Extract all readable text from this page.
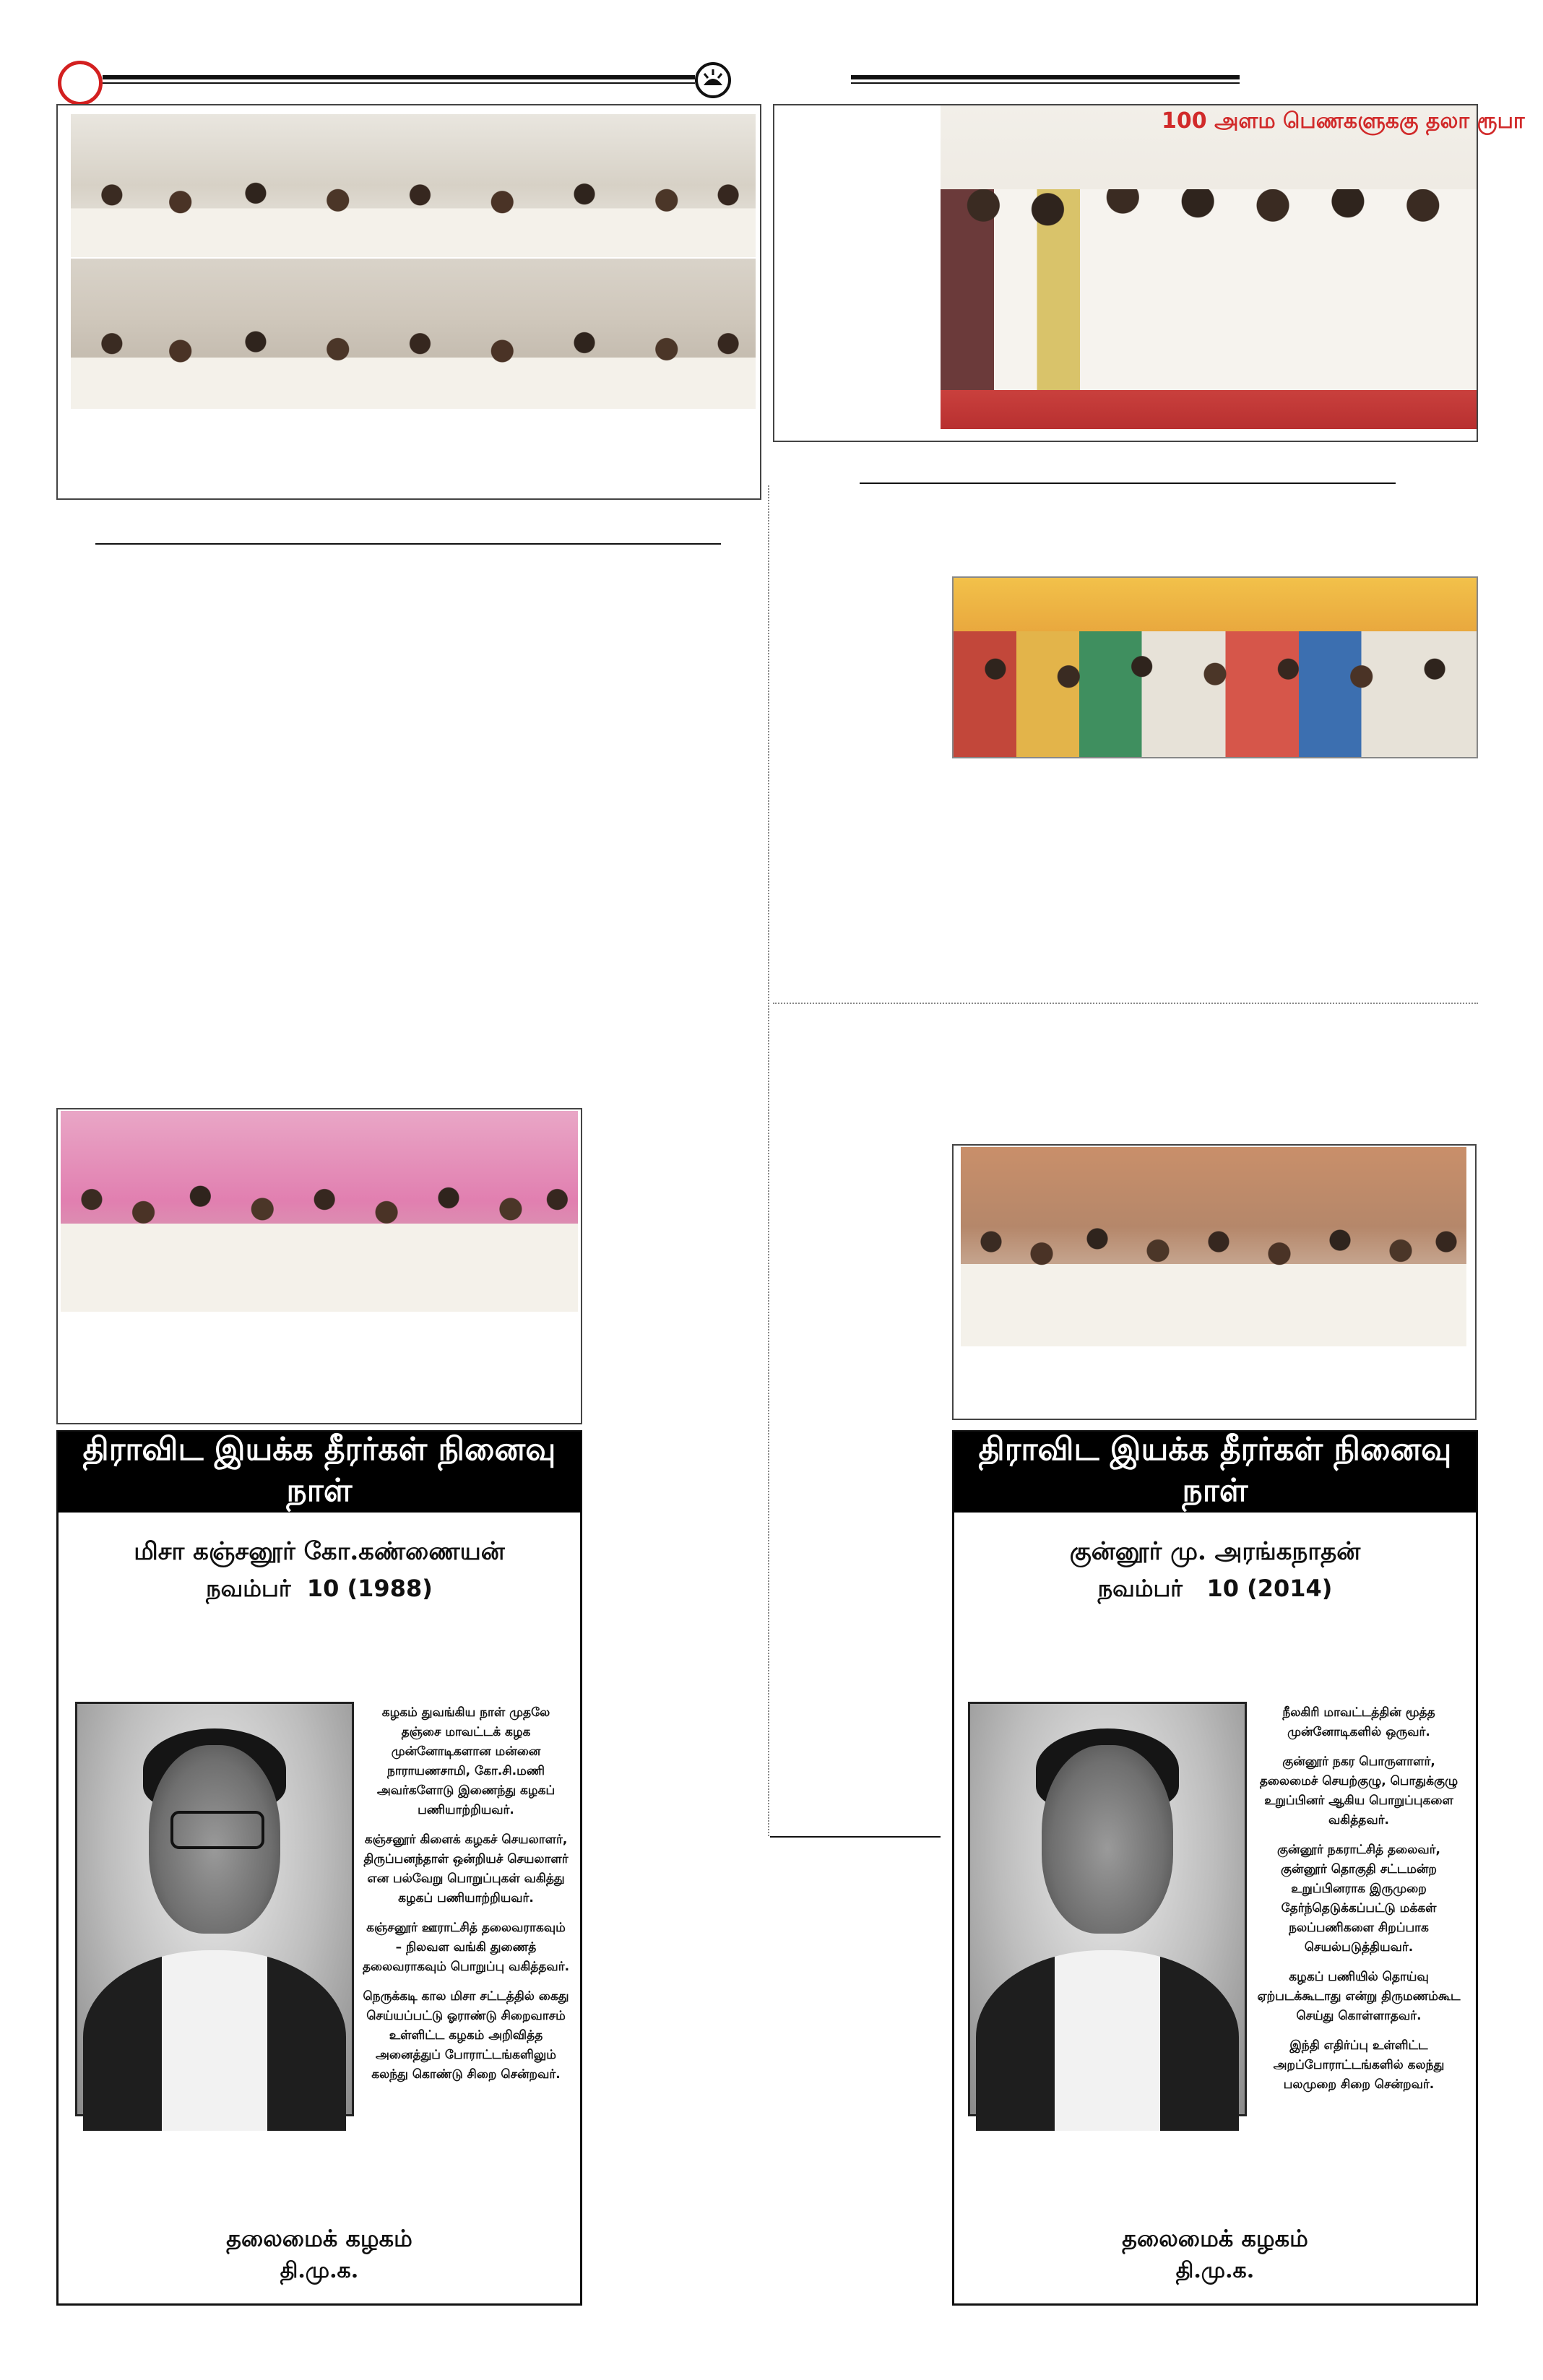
100 அளம பெணகளுககு தலா ரூபா
திராவிட இயக்க தீரர்கள் நினைவு நாள்
மிசா கஞ்சனூர் கோ.கண்ணையன்
நவம்பர்  10 (1988)

கழகம் துவங்கிய நாள் முதலே தஞ்சை மாவட்டக் கழக முன்னோடிகளான மன்னை நாராயணசாமி, கோ.சி.மணி அவர்களோடு இணைந்து கழகப் பணியாற்றியவர்.

கஞ்சனூர் கிளைக் கழகச் செயலாளர், திருப்பனந்தாள் ஒன்றியச் செயலாளர் என பல்வேறு பொறுப்புகள் வகித்து கழகப் பணியாற்றியவர்.

கஞ்சனூர் ஊராட்சித் தலைவராகவும் – நிலவள வங்கி துணைத் தலைவராகவும் பொறுப்பு வகித்தவர்.

நெருக்கடி கால மிசா சட்டத்தில் கைது செய்யப்பட்டு ஓராண்டு சிறைவாசம் உள்ளிட்ட கழகம் அறிவித்த அனைத்துப் போராட்டங்களிலும் கலந்து கொண்டு சிறை சென்றவர்.

தலைமைக் கழகம்
தி.மு.க.
திராவிட இயக்க தீரர்கள் நினைவு நாள்
குன்னூர் மு. அரங்கநாதன்
நவம்பர்   10 (2014)

நீலகிரி மாவட்டத்தின் மூத்த முன்னோடிகளில் ஒருவர்.

குன்னூர் நகர பொருளாளர், தலைமைச் செயற்குழு, பொதுக்குழு உறுப்பினர் ஆகிய பொறுப்புகளை வகித்தவர்.

குன்னூர் நகராட்சித் தலைவர், குன்னூர் தொகுதி சட்டமன்ற உறுப்பினராக இருமுறை தேர்ந்தெடுக்கப்பட்டு மக்கள் நலப்பணிகளை சிறப்பாக செயல்படுத்தியவர்.

கழகப் பணியில் தொய்வு ஏற்படக்கூடாது என்று திருமணம்கூட செய்து கொள்ளாதவர்.

இந்தி எதிர்ப்பு உள்ளிட்ட அறப்போராட்டங்களில் கலந்து பலமுறை சிறை சென்றவர்.

தலைமைக் கழகம்
தி.மு.க.
